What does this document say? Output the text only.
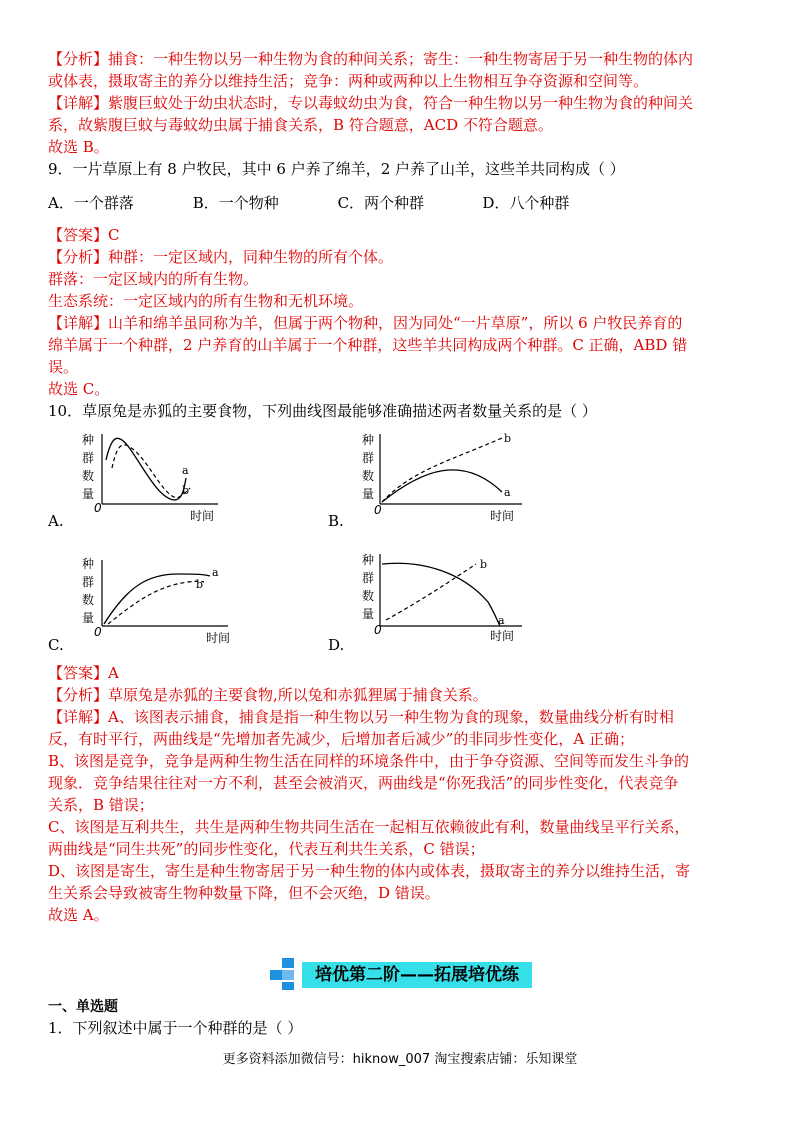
【分析】捕食：一种生物以另一种生物为食的种间关系；寄生：一种生物寄居于另一种生物的体内
或体表，摄取寄主的养分以维持生活；竞争：两种或两种以上生物相互争夺资源和空间等。
【详解】紫腹巨蚊处于幼虫状态时，专以毒蚊幼虫为食，符合一种生物以另一种生物为食的种间关
系，故紫腹巨蚊与毒蚊幼虫属于捕食关系，B 符合题意，ACD 不符合题意。
故选 B。
9．一片草原上有 8 户牧民，其中 6 户养了绵羊，2 户养了山羊，这些羊共同构成（ ）
A．一个群落	B．一个物种	C．两个种群	D．八个种群
【答案】C
【分析】种群：一定区域内，同种生物的所有个体。
群落：一定区域内的所有生物。
生态系统：一定区域内的所有生物和无机环境。
【详解】山羊和绵羊虽同称为羊，但属于两个物种，因为同处“一片草原”，所以 6 户牧民养育的
绵羊属于一个种群，2 户养育的山羊属于一个种群，这些羊共同构成两个种群。C 正确，ABD 错
误。
故选 C。
10．草原兔是赤狐的主要食物，下列曲线图最能够准确描述两者数量关系的是（ ）
种
群
数
量
0
时间
a
b
A.
种
群
数
量
0	时间
b
a
B.
种
群
数
量
0	时间
a
b
C.
种
群
数
量
0	时间
b
a
D.
【答案】A
【分析】草原兔是赤狐的主要食物,所以兔和赤狐狸属于捕食关系。
【详解】A、该图表示捕食，捕食是指一种生物以另一种生物为食的现象，数量曲线分析有时相
反，有时平行，两曲线是“先增加者先减少，后增加者后减少”的非同步性变化，A 正确；
B、该图是竞争，竞争是两种生物生活在同样的环境条件中，由于争夺资源、空间等而发生斗争的
现象．竞争结果往往对一方不利，甚至会被消灭，两曲线是“你死我活”的同步性变化，代表竞争
关系，B 错误；
C、该图是互利共生，共生是两种生物共同生活在一起相互依赖彼此有利，数量曲线呈平行关系，
两曲线是“同生共死”的同步性变化，代表互利共生关系，C 错误；
D、该图是寄生，寄生是种生物寄居于另一种生物的体内或体表，摄取寄主的养分以维持生活，寄
生关系会导致被寄生物种数量下降，但不会灭绝，D 错误。
故选 A。
培优第二阶——拓展培优练
一、单选题
1．下列叙述中属于一个种群的是（ ）
更多资料添加微信号：hiknow_007 淘宝搜索店铺：乐知课堂
